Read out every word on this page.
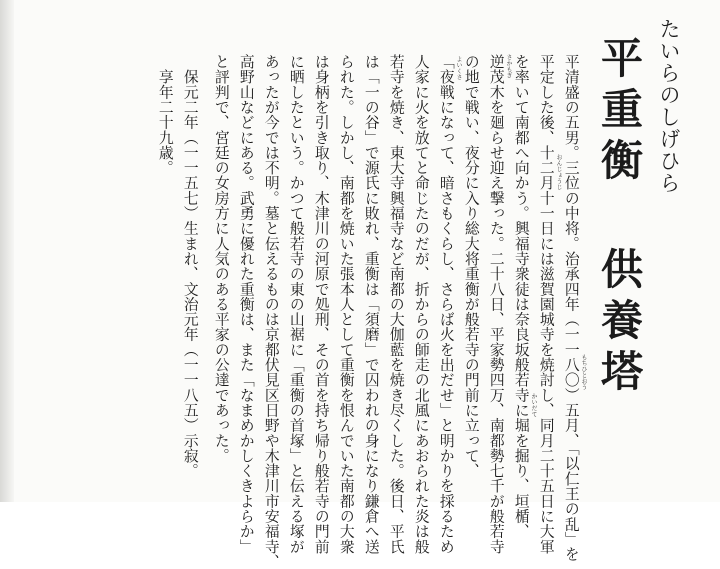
たいらのしげひら
平重衡 供養塔
平清盛の五男。三位の中将。治承四年（一一八〇）五月、「以仁王の乱」を
平定した後、十二月十一日には滋賀園城寺を焼討し、同月二十五日に大軍
を率いて南都へ向かう。興福寺衆徒は奈良坂般若寺に堀を掘り、垣楯、
逆茂木を廻らせ迎え撃った。二十八日、平家勢四万、南都勢七千が般若寺
の地で戦い、夜分に入り総大将重衡が般若寺の門前に立って、
「夜戦になって、暗さもくらし、さらば火を出だせ」と明かりを採るため
人家に火を放てと命じたのだが、折からの師走の北風にあおられた炎は般
若寺を焼き、東大寺興福寺など南都の大伽藍を焼き尽くした。後日、平氏
は「一の谷」で源氏に敗れ、重衡は「須磨」で囚われの身になり鎌倉へ送
られた。しかし、南都を焼いた張本人として重衡を恨んでいた南都の大衆
は身柄を引き取り、木津川の河原で処刑、その首を持ち帰り般若寺の門前
に晒したという。かつて般若寺の東の山裾に「重衡の首塚」と伝える塚が
あったが今では不明。墓と伝えるものは京都伏見区日野や木津川市安福寺、
高野山などにある。武勇に優れた重衡は、また「なまめかしくきよらか」
と評判で、宮廷の女房方に人気のある平家の公達であった。
　保元二年（一一五七）生まれ、文治元年（一一八五）示寂。
　享年二十九歳。
もちひとおう
おんじょうじ
かいだて
さかもぎ
よいくさ
